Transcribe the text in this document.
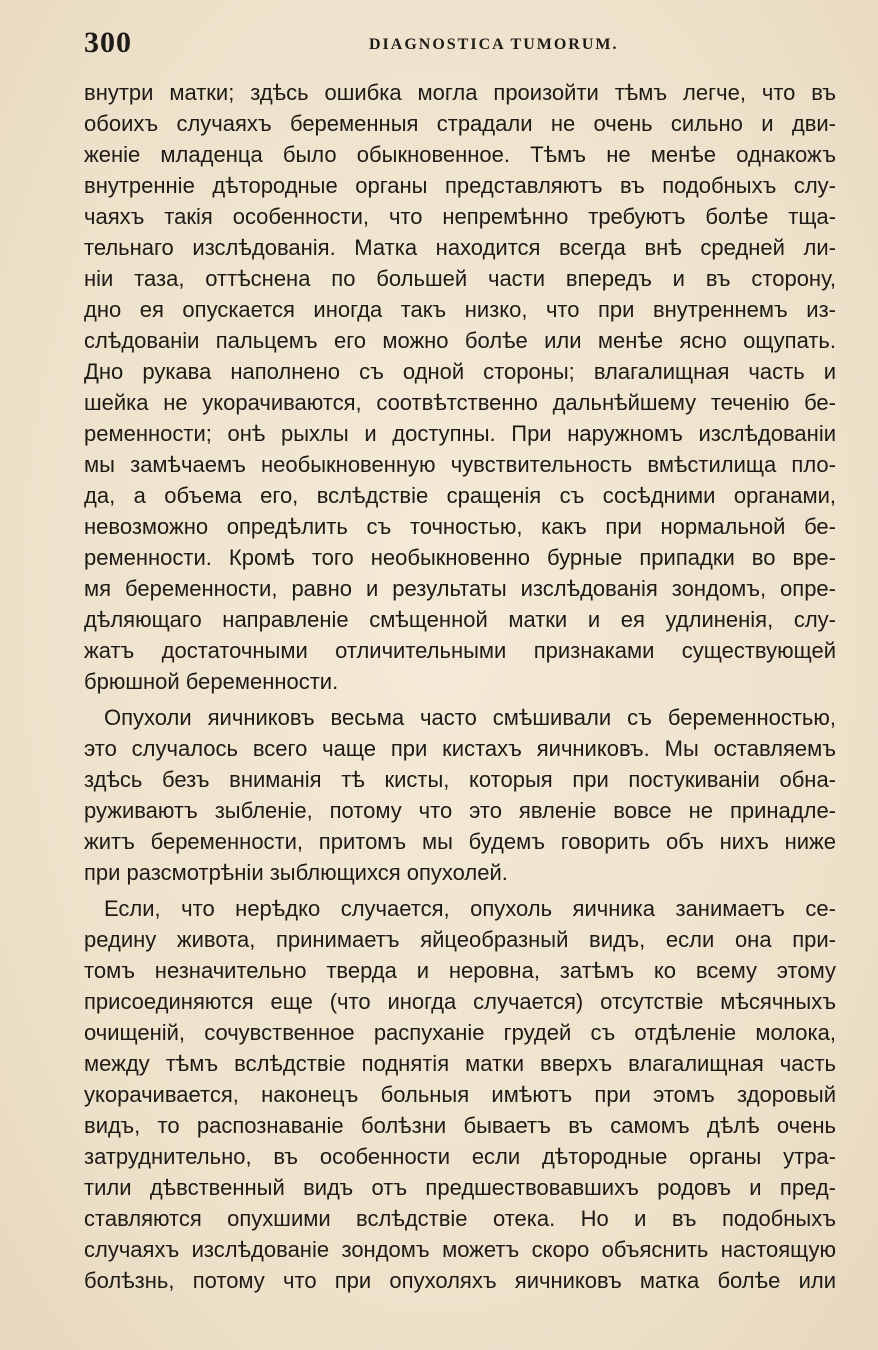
300	DIAGNOSTICA TUMORUM.
внутри матки; здѣсь ошибка могла произойти тѣмъ легче, что въ
обоихъ случаяхъ беременныя страдали не очень сильно и дви-
женіе младенца было обыкновенное. Тѣмъ не менѣе однакожъ
внутренніе дѣтородные органы представляютъ въ подобныхъ слу-
чаяхъ такія особенности, что непремѣнно требуютъ болѣе тща-
тельнаго изслѣдованія. Матка находится всегда внѣ средней ли-
ніи таза, оттѣснена по большей части впередъ и въ сторону,
дно ея опускается иногда такъ низко, что при внутреннемъ из-
слѣдованіи пальцемъ его можно болѣе или менѣе ясно ощупать.
Дно рукава наполнено съ одной стороны; влагалищная часть и
шейка не укорачиваются, соотвѣтственно дальнѣйшему теченію бе-
ременности; онѣ рыхлы и доступны. При наружномъ изслѣдованіи
мы замѣчаемъ необыкновенную чувствительность вмѣстилища пло-
да, а объема его, вслѣдствіе сращенія съ сосѣдними органами,
невозможно опредѣлить съ точностью, какъ при нормальной бе-
ременности. Кромѣ того необыкновенно бурные припадки во вре-
мя беременности, равно и результаты изслѣдованія зондомъ, опре-
дѣляющаго направленіе смѣщенной матки и ея удлиненія, слу-
жатъ достаточными отличительными признаками существующей
брюшной беременности.
Опухоли яичниковъ весьма часто смѣшивали съ беременностью,
это случалось всего чаще при кистахъ яичниковъ. Мы оставляемъ
здѣсь безъ вниманія тѣ кисты, которыя при постукиваніи обна-
руживаютъ зыбленіе, потому что это явленіе вовсе не принадле-
житъ беременности, притомъ мы будемъ говорить объ нихъ ниже
при разсмотрѣніи зыблющихся опухолей.
Если, что нерѣдко случается, опухоль яичника занимаетъ се-
редину живота, принимаетъ яйцеобразный видъ, если она при-
томъ незначительно тверда и неровна, затѣмъ ко всему этому
присоединяются еще (что иногда случается) отсутствіе мѣсячныхъ
очищеній, сочувственное распуханіе грудей съ отдѣленіе молока,
между тѣмъ вслѣдствіе поднятія матки вверхъ влагалищная часть
укорачивается, наконецъ больныя имѣютъ при этомъ здоровый
видъ, то распознаваніе болѣзни бываетъ въ самомъ дѣлѣ очень
затруднительно, въ особенности если дѣтородные органы утра-
тили дѣвственный видъ отъ предшествовавшихъ родовъ и пред-
ставляются опухшими вслѣдствіе отека. Но и въ подобныхъ
случаяхъ изслѣдованіе зондомъ можетъ скоро объяснить настоящую
болѣзнь, потому что при опухоляхъ яичниковъ матка болѣе или
